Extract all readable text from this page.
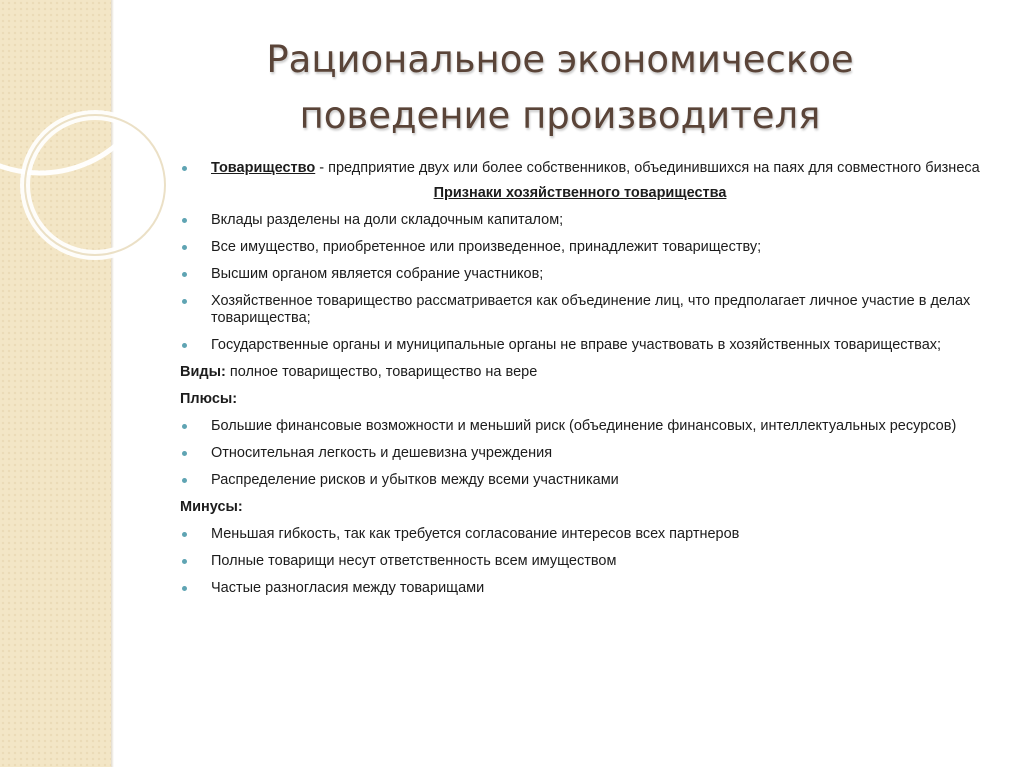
Рациональное экономическое
поведение производителя
Товарищество - предприятие двух или более собственников, объединившихся на паях для совместного бизнеса
Признаки хозяйственного товарищества
Вклады разделены на доли складочным капиталом;
Все имущество, приобретенное или произведенное, принадлежит товариществу;
Высшим органом является собрание участников;
Хозяйственное товарищество рассматривается как объединение лиц, что предполагает личное участие в делах товарищества;
Государственные органы и муниципальные органы не вправе участвовать в хозяйственных товариществах;
Виды: полное товарищество, товарищество на вере
Плюсы:
Большие финансовые возможности и меньший риск (объединение финансовых, интеллектуальных ресурсов)
Относительная легкость и дешевизна учреждения
Распределение рисков и убытков между всеми участниками
Минусы:
Меньшая гибкость, так как требуется согласование интересов всех партнеров
Полные товарищи несут ответственность всем имуществом
Частые разногласия между товарищами
